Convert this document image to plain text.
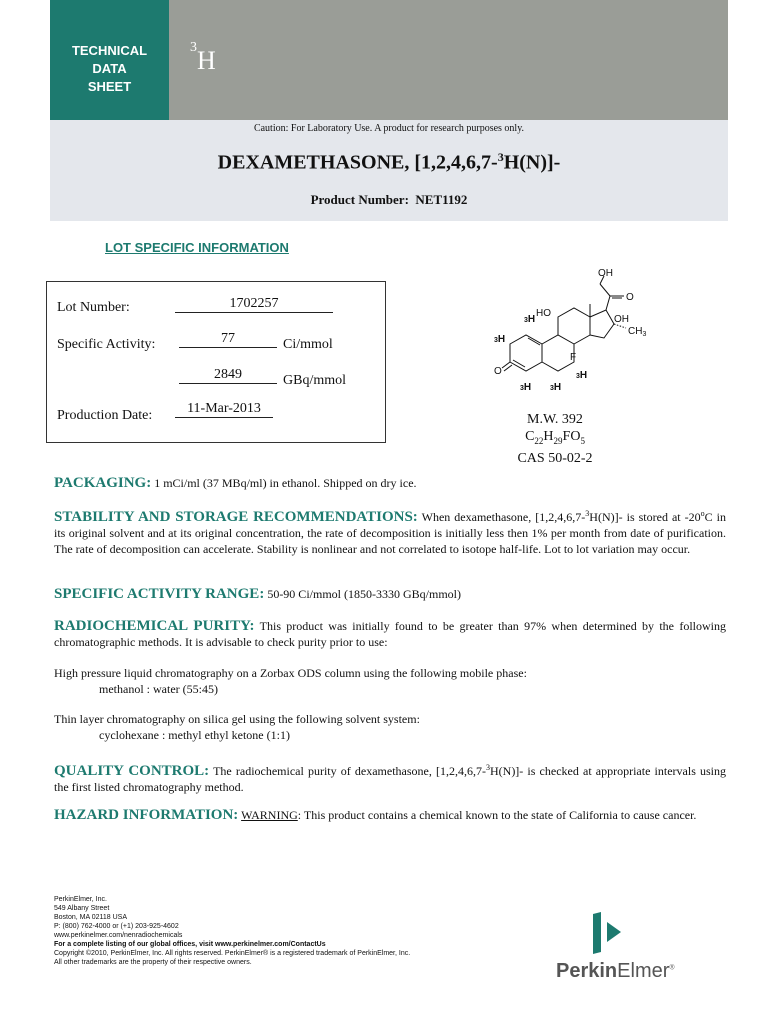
TECHNICAL
DATA
SHEET
$^3$H
Caution: For Laboratory Use. A product for research purposes only.
DEXAMETHASONE, [1,2,4,6,7-$^3$H(N)]-
Product Number: NET1192
LOT SPECIFIC INFORMATION
Lot Number:	1702257
Specific Activity:	77	Ci/mmol
2849	GBq/mmol
Production Date:	11-Mar-2013
OH
O
HO
OH
$CH_3$
F
O
3H
3H
3H	3H
3H
M.W. 392
$C_{22}H_{29}FO_5$
CAS 50-02-2
PACKAGING: 1 mCi/ml (37 MBq/ml) in ethanol. Shipped on dry ice.
STABILITY AND STORAGE RECOMMENDATIONS: When dexamethasone, [1,2,4,6,7-$^3$H(N)]- is stored at -20$^o$C in its original solvent and at its original concentration, the rate of decomposition is initially less then 1% per month from date of purification. The rate of decomposition can accelerate. Stability is nonlinear and not correlated to isotope half-life. Lot to lot variation may occur.
SPECIFIC ACTIVITY RANGE: 50-90 Ci/mmol (1850-3330 GBq/mmol)
RADIOCHEMICAL PURITY: This product was initially found to be greater than 97% when determined by the following chromatographic methods. It is advisable to check purity prior to use:
High pressure liquid chromatography on a Zorbax ODS column using the following mobile phase:
methanol : water (55:45)
Thin layer chromatography on silica gel using the following solvent system:
cyclohexane : methyl ethyl ketone (1:1)
QUALITY CONTROL: The radiochemical purity of dexamethasone, [1,2,4,6,7-$^3$H(N)]- is checked at appropriate intervals using the first listed chromatography method.
HAZARD INFORMATION: WARNING: This product contains a chemical known to the state of California to cause cancer.
PerkinElmer, Inc.
549 Albany Street
Boston, MA 02118 USA
P: (800) 762-4000 or (+1) 203-925-4602
www.perkinelmer.com/nenradiochemicals
For a complete listing of our global offices, visit www.perkinelmer.com/ContactUs
Copyright ©2010, PerkinElmer, Inc. All rights reserved. PerkinElmer® is a registered trademark of PerkinElmer, Inc.
All other trademarks are the property of their respective owners.	PerkinElmer®
